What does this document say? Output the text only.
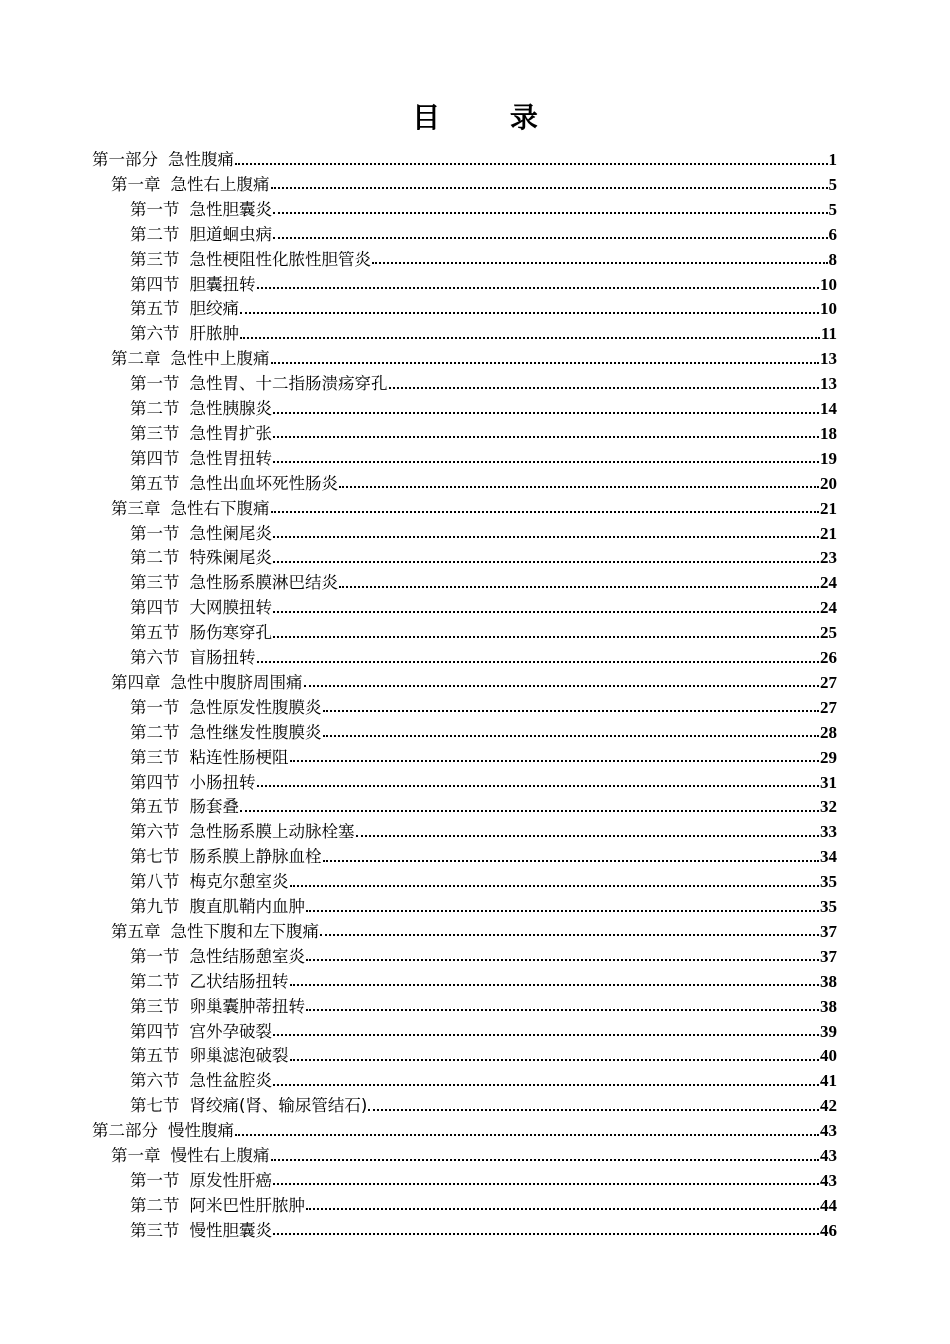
目 录
第一部分 急性腹痛	1
第一章 急性右上腹痛	5
第一节 急性胆囊炎	5
第二节 胆道蛔虫病	6
第三节 急性梗阻性化脓性胆管炎	8
第四节 胆囊扭转	10
第五节 胆绞痛	10
第六节 肝脓肿	11
第二章 急性中上腹痛	13
第一节 急性胃、十二指肠溃疡穿孔	13
第二节 急性胰腺炎	14
第三节 急性胃扩张	18
第四节 急性胃扭转	19
第五节 急性出血坏死性肠炎	20
第三章 急性右下腹痛	21
第一节 急性阑尾炎	21
第二节 特殊阑尾炎	23
第三节 急性肠系膜淋巴结炎	24
第四节 大网膜扭转	24
第五节 肠伤寒穿孔	25
第六节 盲肠扭转	26
第四章 急性中腹脐周围痛	27
第一节 急性原发性腹膜炎	27
第二节 急性继发性腹膜炎	28
第三节 粘连性肠梗阻	29
第四节 小肠扭转	31
第五节 肠套叠	32
第六节 急性肠系膜上动脉栓塞	33
第七节 肠系膜上静脉血栓	34
第八节 梅克尔憩室炎	35
第九节 腹直肌鞘内血肿	35
第五章 急性下腹和左下腹痛	37
第一节 急性结肠憩室炎	37
第二节 乙状结肠扭转	38
第三节 卵巢囊肿蒂扭转	38
第四节 宫外孕破裂	39
第五节 卵巢滤泡破裂	40
第六节 急性盆腔炎	41
第七节 肾绞痛(肾、输尿管结石)	42
第二部分 慢性腹痛	43
第一章 慢性右上腹痛	43
第一节 原发性肝癌	43
第二节 阿米巴性肝脓肿	44
第三节 慢性胆囊炎	46
